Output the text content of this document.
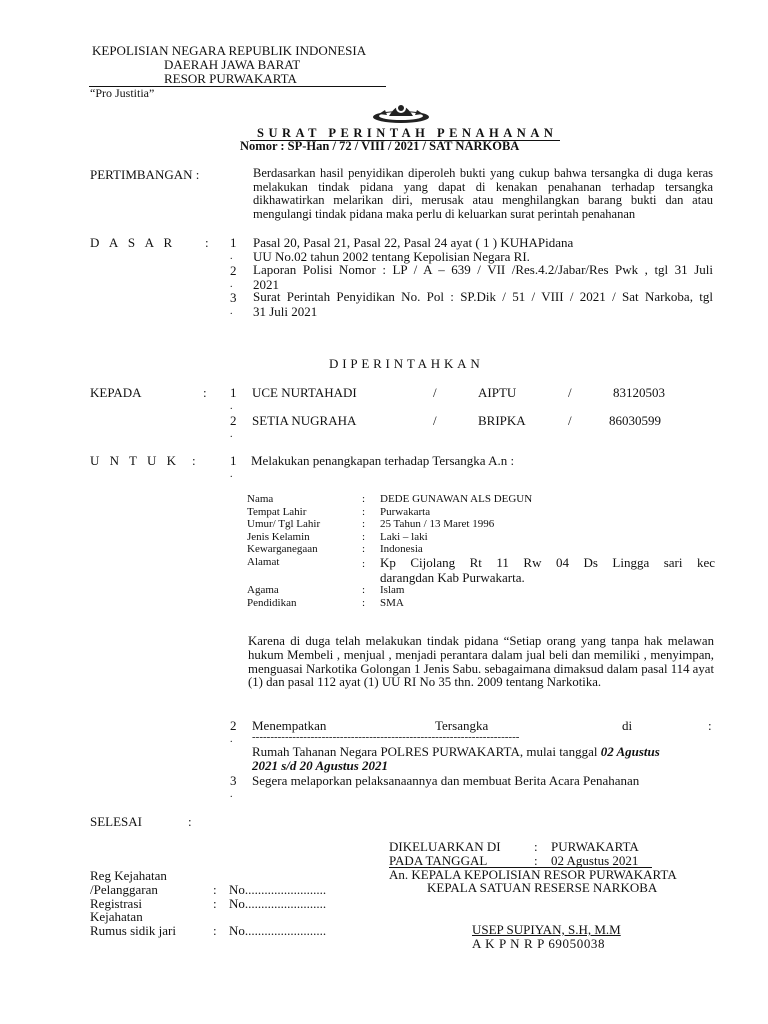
KEPOLISIAN NEGARA REPUBLIK INDONESIA
DAERAH JAWA BARAT
RESOR PURWAKARTA
“Pro Justitia”
SURAT PERINTAH PENAHANAN
Nomor : SP-Han / 72 / VIII / 2021 / SAT NARKOBA
PERTIMBANGAN :	Berdasarkan hasil penyidikan diperoleh bukti yang cukup bahwa tersangka di duga keras melakukan tindak pidana yang dapat di kenakan penahanan terhadap tersangka dikhawatirkan melarikan diri, merusak atau menghilangkan barang bukti dan atau mengulangi tindak pidana maka perlu di keluarkan surat perintah penahanan
D A S A R : 1
.
Pasal 20, Pasal 21, Pasal 22, Pasal 24 ayat ( 1 ) KUHAPidana
UU No.02 tahun 2002 tentang Kepolisian Negara RI.
2
.
Laporan Polisi Nomor : LP / A – 639 / VII /Res.4.2/Jabar/Res Pwk , tgl 31 Juli
2021
3
.
Surat Perintah Penyidikan No. Pol : SP.Dik / 51 / VIII / 2021 / Sat Narkoba, tgl
31 Juli 2021
DIPERINTAHKAN
KEPADA	: 1
.
UCE NURTAHADI	/	AIPTU	/	83120503
2
.
SETIA NUGRAHA	/	BRIPKA	/	86030599
U N T U K :	1
.
Melakukan penangkapan terhadap Tersangka A.n :
Nama	: DEDE GUNAWAN ALS DEGUN
Tempat Lahir	: Purwakarta
Umur/ Tgl Lahir	: 25 Tahun / 13 Maret 1996
Jenis Kelamin	: Laki – laki
Kewarganegaan	: Indonesia
Alamat	: Kp Cijolang Rt 11 Rw 04 Ds Lingga sari kec
darangdan Kab Purwakarta.
Agama	: Islam
Pendidikan	: SMA
Karena di duga telah melakukan tindak pidana “Setiap orang yang tanpa hak melawan hukum Membeli , menjual , menjadi perantara dalam jual beli dan memiliki , menyimpan, menguasai Narkotika Golongan 1 Jenis Sabu. sebagaimana dimaksud dalam pasal 114 ayat (1) dan pasal 112 ayat (1) UU RI No 35 thn. 2009 tentang Narkotika.
2
.
Menempatkan	Tersangka	di	:
-------------------------------------------------------------------------
Rumah Tahanan Negara POLRES PURWAKARTA, mulai tanggal 02 Agustus
2021 s/d 20 Agustus 2021
3
.
Segera melaporkan pelaksanaannya dan membuat Berita Acara Penahanan
SELESAI	:
DIKELUARKAN DI	: PURWAKARTA
PADA TANGGAL	: 02 Agustus 2021
An. KEPALA KEPOLISIAN RESOR PURWAKARTA
KEPALA SATUAN RESERSE NARKOBA
Reg Kejahatan
/Pelanggaran	: No.........................
Registrasi
Kejahatan
: No.........................
Rumus sidik jari	: No.........................	USEP SUPIYAN, S.H, M.M
A K P N R P 69050038
